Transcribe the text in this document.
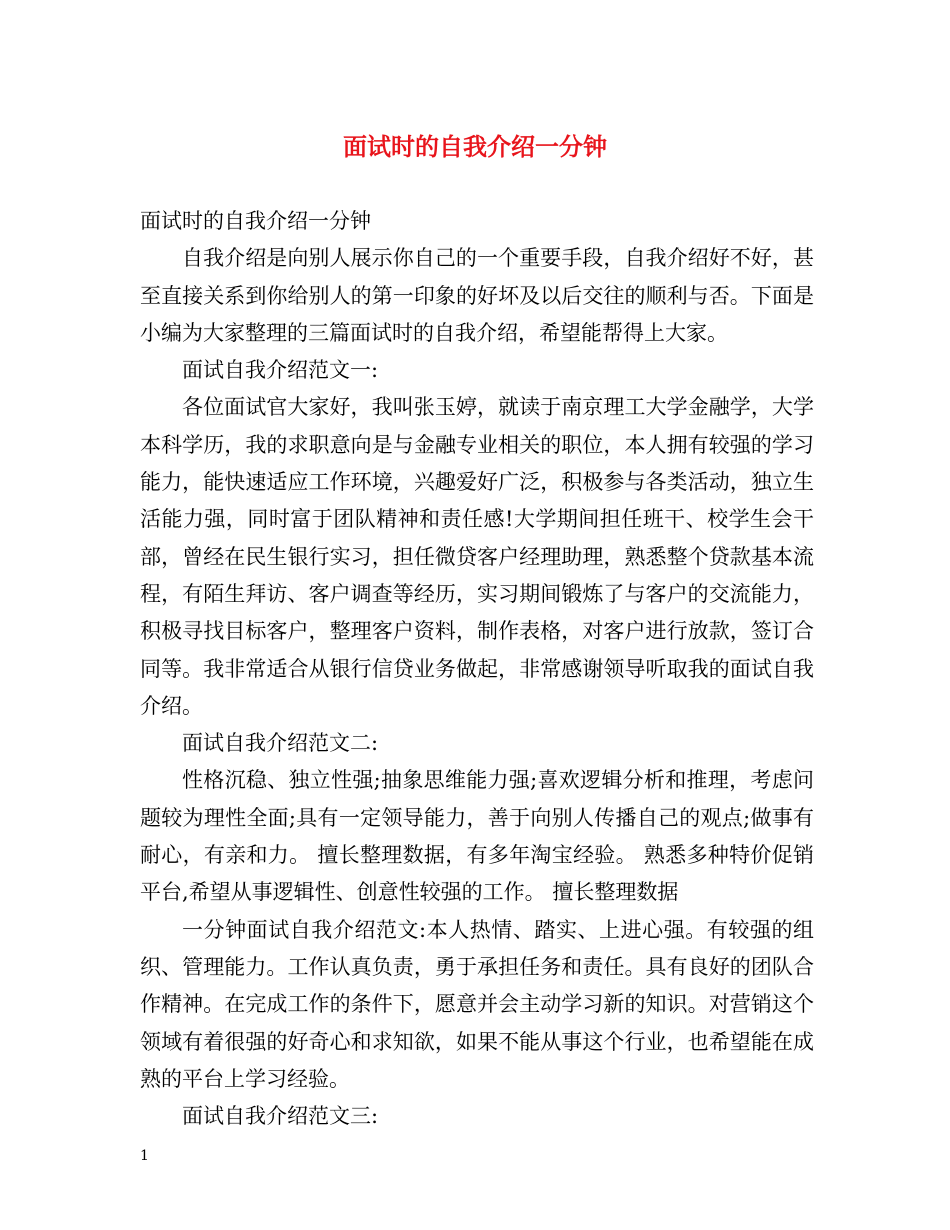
面试时的自我介绍一分钟

面试时的自我介绍一分钟

自我介绍是向别人展示你自己的一个重要手段，自我介绍好不好，甚至直接关系到你给别人的第一印象的好坏及以后交往的顺利与否。下面是小编为大家整理的三篇面试时的自我介绍，希望能帮得上大家。

面试自我介绍范文一:

各位面试官大家好，我叫张玉婷，就读于南京理工大学金融学，大学本科学历，我的求职意向是与金融专业相关的职位，本人拥有较强的学习能力，能快速适应工作环境，兴趣爱好广泛，积极参与各类活动，独立生活能力强，同时富于团队精神和责任感!大学期间担任班干、校学生会干部，曾经在民生银行实习，担任微贷客户经理助理，熟悉整个贷款基本流程，有陌生拜访、客户调查等经历，实习期间锻炼了与客户的交流能力，积极寻找目标客户，整理客户资料，制作表格，对客户进行放款，签订合同等。我非常适合从银行信贷业务做起，非常感谢领导听取我的面试自我介绍。

面试自我介绍范文二:

性格沉稳、独立性强;抽象思维能力强;喜欢逻辑分析和推理，考虑问题较为理性全面;具有一定领导能力，善于向别人传播自己的观点;做事有耐心，有亲和力。 擅长整理数据，有多年淘宝经验。 熟悉多种特价促销平台,希望从事逻辑性、创意性较强的工作。 擅长整理数据

一分钟面试自我介绍范文:本人热情、踏实、上进心强。有较强的组织、管理能力。工作认真负责，勇于承担任务和责任。具有良好的团队合作精神。在完成工作的条件下，愿意并会主动学习新的知识。对营销这个领域有着很强的好奇心和求知欲，如果不能从事这个行业，也希望能在成熟的平台上学习经验。

面试自我介绍范文三:

1
